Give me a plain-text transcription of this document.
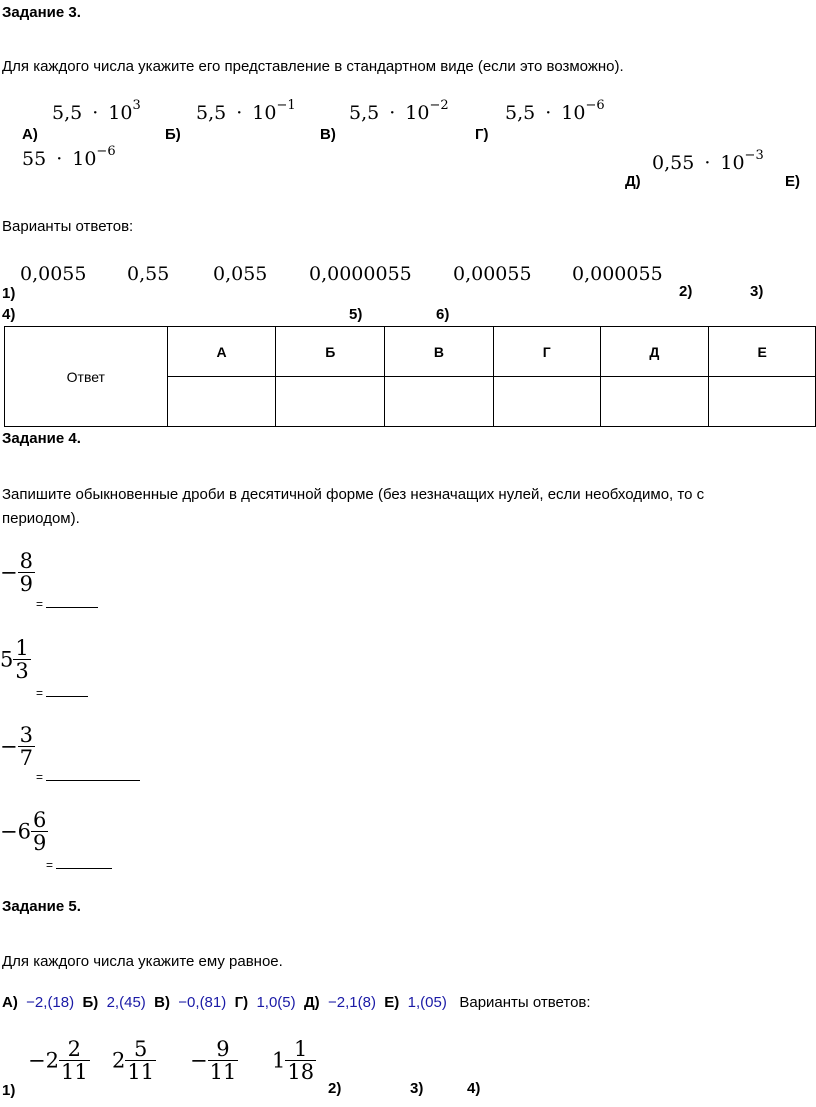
Задание 3.
Для каждого числа укажите его представление в стандартном виде (если это возможно).
$5,5 \cdot 10^3$	$5,5 \cdot 10^{-1}$	$5,5 \cdot 10^{-2}$	$5,5 \cdot 10^{-6}$
А)	Б)	В)	Г)
$55 \cdot 10^{-6}$
$0,55 \cdot 10^{-3}$
Д)	Е)
Варианты ответов:
0,0055 0,55 0,055 0,0000055 0,00055 0,000055
1)	2)	3)
4)	5)	6)
Ответ	А	Б	В	Г	Д	Е

Задание 4.
Запишите обыкновенные дроби в десятичной форме (без незначащих нулей, если необходимо, то с
периодом).
− $\frac{8}{9}$
=
$5 \frac{1}{3}$
=
− $\frac{3}{7}$
=
$-6 \frac{6}{9}$
=
Задание 5.
Для каждого числа укажите ему равное.
А) −2,(18) Б) 2,(45) В) −0,(81) Г) 1,0(5) Д) −2,1(8) Е) 1,(05) Варианты ответов:
$-2 \frac{2}{11} 2 \frac{5}{11} - \frac{9}{11} 1 \frac{1}{18}$
1)	2)	3)	4)
